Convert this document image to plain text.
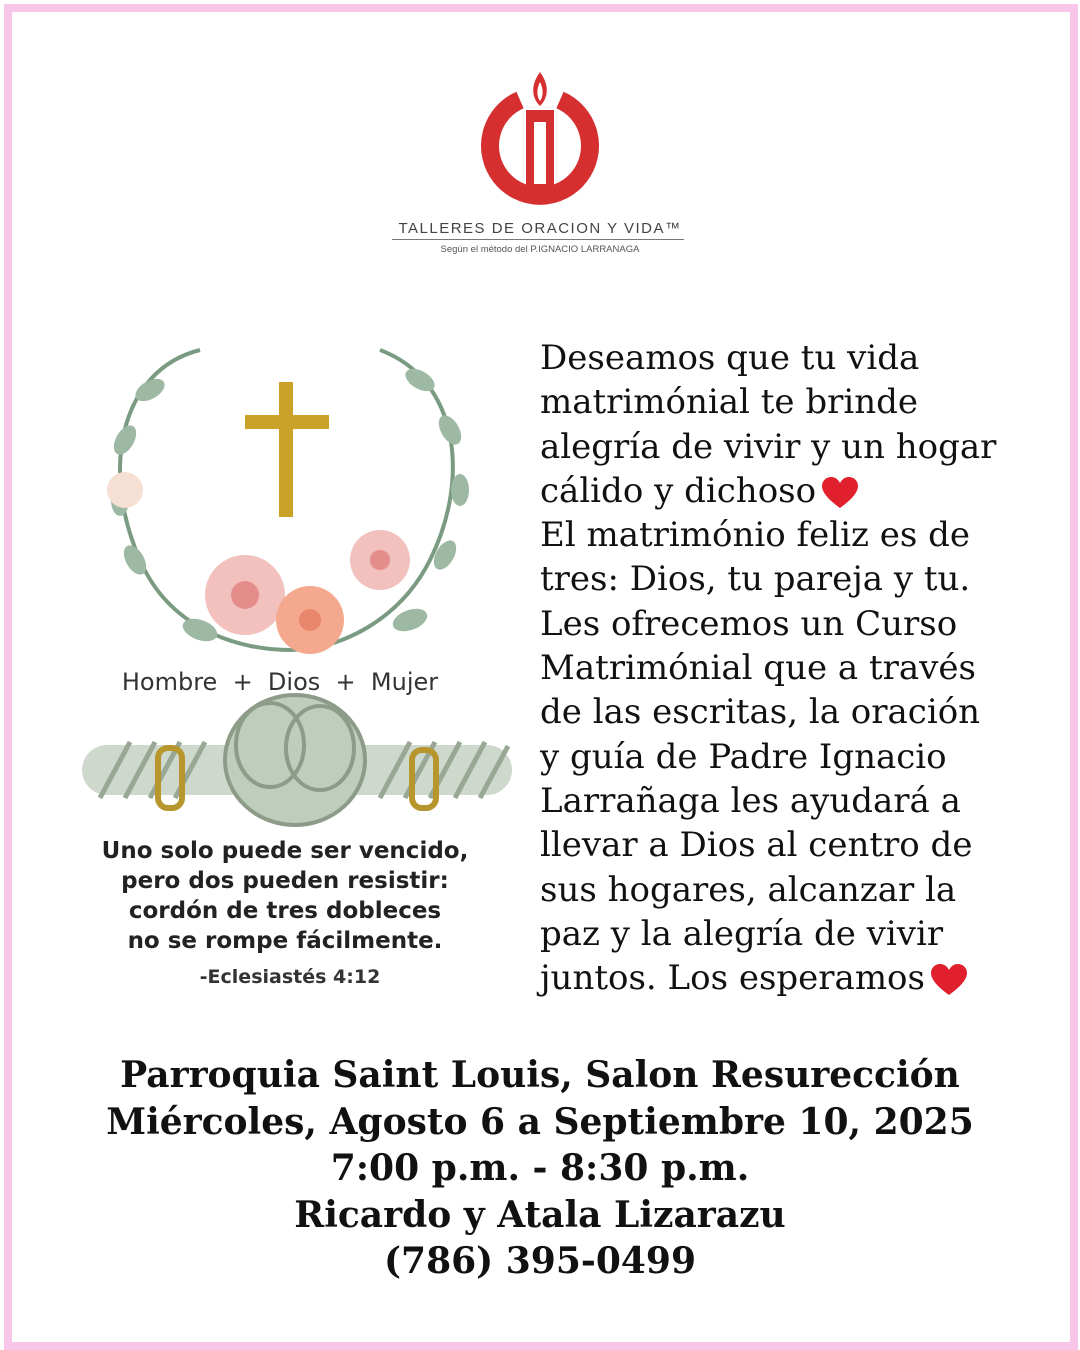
TALLERES DE ORACION Y VIDA™
Según el método del P.IGNACIO LARRANAGA
Hombre  +  Dios  +  Mujer
Uno solo puede ser vencido,
pero dos pueden resistir:
cordón de tres dobleces
no se rompe fácilmente.
-Eclesiastés 4:12
Deseamos que tu vida
matrimónial te brinde
alegría de vivir y un hogar
cálido y dichoso
El matrimónio feliz es de
tres: Dios, tu pareja y tu.
Les ofrecemos un Curso
Matrimónial que a través
de las escritas, la oración
y guía de Padre Ignacio
Larrañaga les ayudará a
llevar a Dios al centro de
sus hogares, alcanzar la
paz y la alegría de vivir
juntos. Los esperamos
Parroquia Saint Louis, Salon Resurección
Miércoles, Agosto 6 a Septiembre 10, 2025
7:00 p.m. - 8:30 p.m.
Ricardo y Atala Lizarazu
(786) 395-0499
